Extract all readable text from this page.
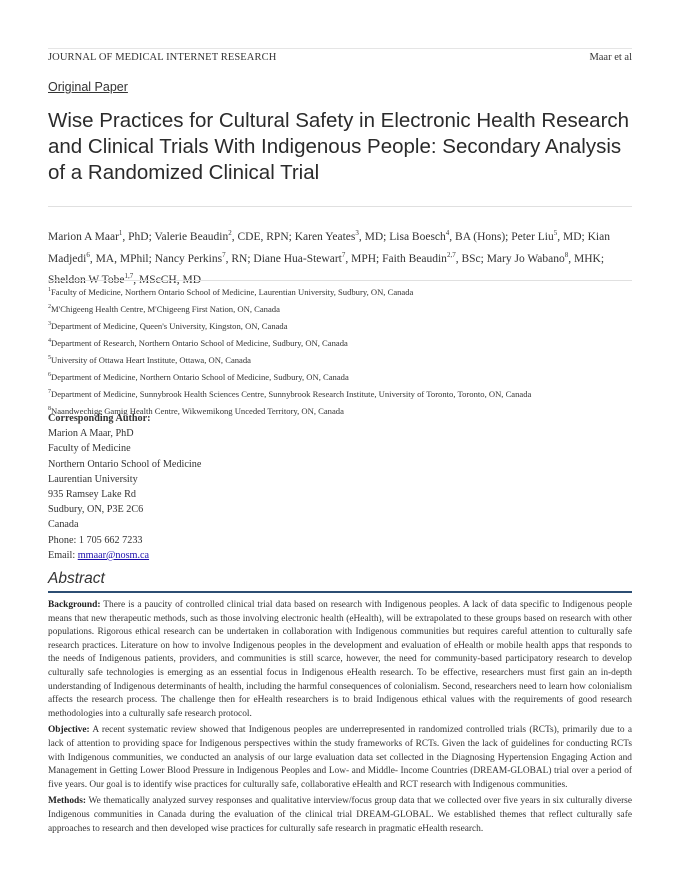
JOURNAL OF MEDICAL INTERNET RESEARCH	Maar et al
Original Paper
Wise Practices for Cultural Safety in Electronic Health Research and Clinical Trials With Indigenous People: Secondary Analysis of a Randomized Clinical Trial
Marion A Maar$^1$, PhD; Valerie Beaudin$^2$, CDE, RPN; Karen Yeates$^3$, MD; Lisa Boesch$^4$, BA (Hons); Peter Liu$^5$, MD; Kian Madjedi$^6$, MA, MPhil; Nancy Perkins$^7$, RN; Diane Hua-Stewart$^7$, MPH; Faith Beaudin$^{2,7}$, BSc; Mary Jo Wabano$^8$, MHK; Sheldon W Tobe$^{1,7}$, MScCH, MD
$^1$Faculty of Medicine, Northern Ontario School of Medicine, Laurentian University, Sudbury, ON, Canada
$^2$M'Chigeeng Health Centre, M'Chigeeng First Nation, ON, Canada
$^3$Department of Medicine, Queen's University, Kingston, ON, Canada
$^4$Department of Research, Northern Ontario School of Medicine, Sudbury, ON, Canada
$^5$University of Ottawa Heart Institute, Ottawa, ON, Canada
$^6$Department of Medicine, Northern Ontario School of Medicine, Sudbury, ON, Canada
$^7$Department of Medicine, Sunnybrook Health Sciences Centre, Sunnybrook Research Institute, University of Toronto, Toronto, ON, Canada
$^8$Naandwechige Gamig Health Centre, Wikwemikong Unceded Territory, ON, Canada
Corresponding Author:
Marion A Maar, PhD
Faculty of Medicine
Northern Ontario School of Medicine
Laurentian University
935 Ramsey Lake Rd
Sudbury, ON, P3E 2C6
Canada
Phone: 1 705 662 7233
Email: mmaar@nosm.ca
Abstract

Background: There is a paucity of controlled clinical trial data based on research with Indigenous peoples. A lack of data specific to Indigenous people means that new therapeutic methods, such as those involving electronic health (eHealth), will be extrapolated to these groups based on research with other populations. Rigorous ethical research can be undertaken in collaboration with Indigenous communities but requires careful attention to culturally safe research practices. Literature on how to involve Indigenous peoples in the development and evaluation of eHealth or mobile health apps that responds to the needs of Indigenous patients, providers, and communities is still scarce, however, the need for community-based participatory research to develop culturally safe technologies is emerging as an essential focus in Indigenous eHealth research. To be effective, researchers must first gain an in-depth understanding of Indigenous determinants of health, including the harmful consequences of colonialism. Second, researchers need to learn how colonialism affects the research process. The challenge then for eHealth researchers is to braid Indigenous ethical values with the requirements of good research methodologies into a culturally safe research protocol.

Objective: A recent systematic review showed that Indigenous peoples are underrepresented in randomized controlled trials (RCTs), primarily due to a lack of attention to providing space for Indigenous perspectives within the study frameworks of RCTs. Given the lack of guidelines for conducting RCTs with Indigenous communities, we conducted an analysis of our large evaluation data set collected in the Diagnosing Hypertension Engaging Action and Management in Getting Lower Blood Pressure in Indigenous Peoples and Low- and Middle- Income Countries (DREAM-GLOBAL) trial over a period of five years. Our goal is to identify wise practices for culturally safe, collaborative eHealth and RCT research with Indigenous communities.

Methods: We thematically analyzed survey responses and qualitative interview/focus group data that we collected over five years in six culturally diverse Indigenous communities in Canada during the evaluation of the clinical trial DREAM-GLOBAL. We established themes that reflect culturally safe approaches to research and then developed wise practices for culturally safe research in pragmatic eHealth research.
